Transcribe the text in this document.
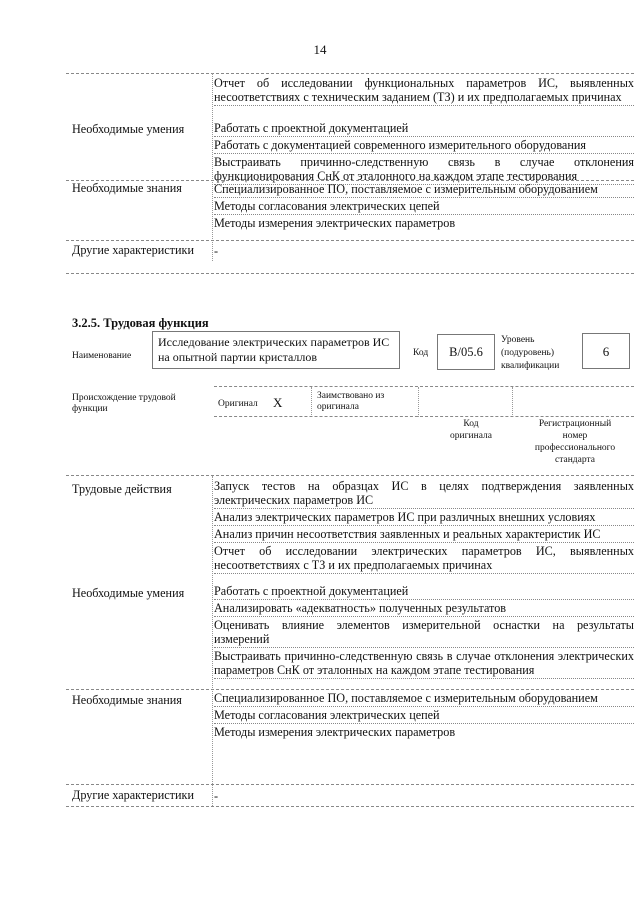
14
Отчет об исследовании функциональных параметров ИС, выявленных несоответствиях с техническим заданием (ТЗ) и их предполагаемых причинах
Необходимые умения	Работать с проектной документацией
Работать с документацией современного измерительного оборудования
Выстраивать причинно-следственную связь в случае отклонения функционирования СнК от эталонного на каждом этапе тестирования
Необходимые знания	Специализированное ПО, поставляемое с измерительным оборудованием
Методы согласования электрических цепей
Методы измерения электрических параметров
Другие характеристики	-
3.2.5. Трудовая функция
Наименование
Исследование электрических параметров ИС на опытной партии кристаллов	Код	B/05.6
Уровень (подуровень) квалификации
6
Происхождение трудовой функции	Оригинал X	Заимствовано из оригинала
Код оригинала
Регистрационный номер профессионального стандарта
Трудовые действия	Запуск тестов на образцах ИС в целях подтверждения заявленных электрических параметров ИС
Анализ электрических параметров ИС при различных внешних условиях
Анализ причин несоответствия заявленных и реальных характеристик ИС
Отчет об исследовании электрических параметров ИС, выявленных несоответствиях с ТЗ и их предполагаемых причинах
Необходимые умения	Работать с проектной документацией
Анализировать «адекватность» полученных результатов
Оценивать влияние элементов измерительной оснастки на результаты измерений
Выстраивать причинно-следственную связь в случае отклонения электрических параметров СнК от эталонных на каждом этапе тестирования
Необходимые знания	Специализированное ПО, поставляемое с измерительным оборудованием
Методы согласования электрических цепей
Методы измерения электрических параметров
Другие характеристики	-
